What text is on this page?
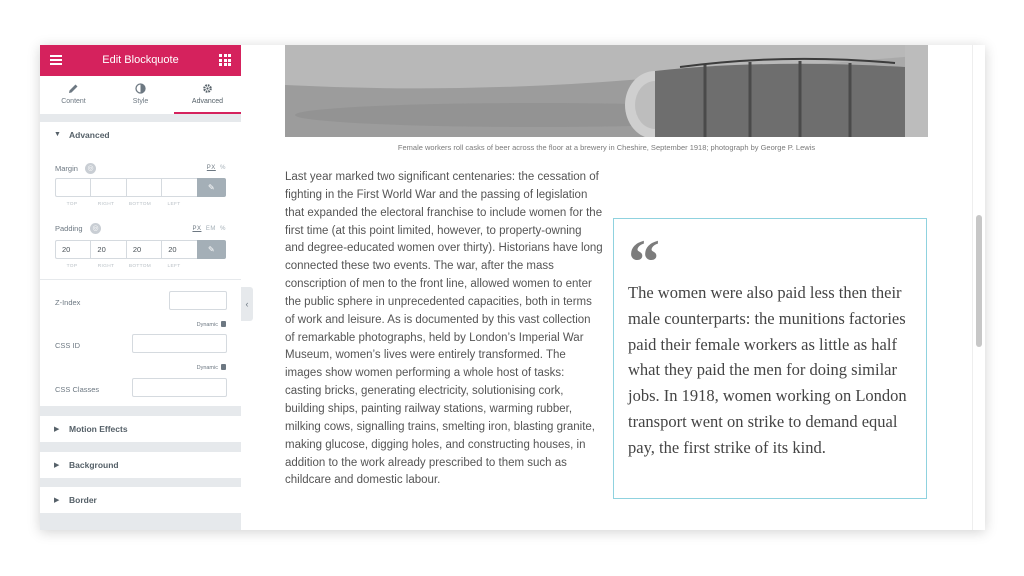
Edit Blockquote
Content	Style	Advanced
▼ Advanced
Margin	◎	PX %
✎
TOP	RIGHT	BOTTOM	LEFT
Padding	◎	PX EM %
20	20	20	20	✎
TOP	RIGHT	BOTTOM	LEFT
Z-Index
Dynamic
CSS ID
Dynamic
CSS Classes
▶ Motion Effects
▶ Background
▶ Border
Female workers roll casks of beer across the floor at a brewery in Cheshire, September 1918; photograph by George P. Lewis

Last year marked two significant centenaries: the cessation of fighting in the First World War and the passing of legislation that expanded the electoral franchise to include women for the first time (at this point limited, however, to property-owning and degree-educated women over thirty). Historians have long connected these two events. The war, after the mass conscription of men to the front line, allowed women to enter the public sphere in unprecedented capacities, both in terms of work and leisure. As is documented by this vast collection of remarkable photographs, held by London’s Imperial War Museum, women’s lives were entirely transformed. The images show women performing a whole host of tasks: casting bricks, generating electricity, solutionising cork, building ships, painting railway stations, warming rubber, milking cows, signalling trains, smelting iron, blasting granite, making glucose, digging holes, and constructing houses, in addition to the work already prescribed to them such as childcare and domestic labour.

“

The women were also paid less then their male counterparts: the munitions factories paid their female workers as little as half what they paid the men for doing similar jobs. In 1918, women working on London transport went on strike to demand equal pay, the first strike of its kind.

‹
